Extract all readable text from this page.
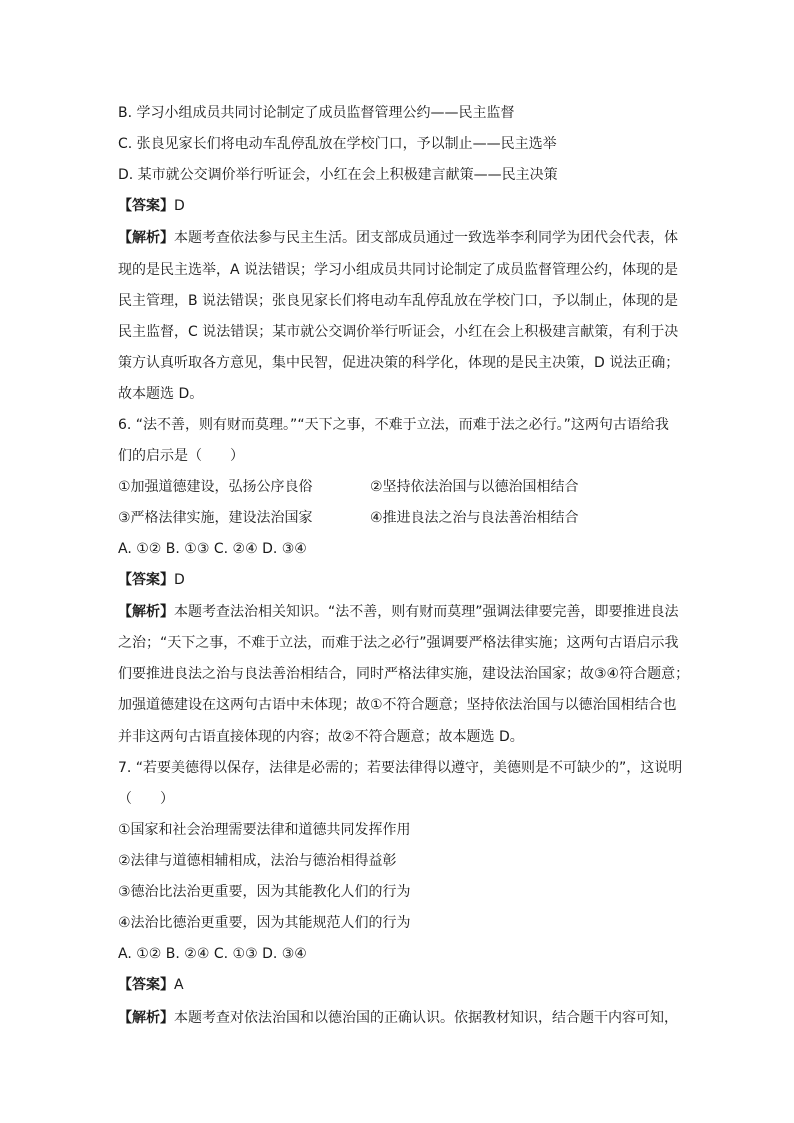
B. 学习小组成员共同讨论制定了成员监督管理公约——民主监督
C. 张良见家长们将电动车乱停乱放在学校门口，予以制止——民主选举
D. 某市就公交调价举行听证会，小红在会上积极建言献策——民主决策
【答案】D
【解析】本题考查依法参与民主生活。团支部成员通过一致选举李利同学为团代会代表，体
现的是民主选举，A 说法错误；学习小组成员共同讨论制定了成员监督管理公约，体现的是
民主管理，B 说法错误；张良见家长们将电动车乱停乱放在学校门口，予以制止，体现的是
民主监督，C 说法错误；某市就公交调价举行听证会，小红在会上积极建言献策，有利于决
策方认真听取各方意见，集中民智，促进决策的科学化，体现的是民主决策，D 说法正确；
故本题选 D。
6. “法不善，则有财而莫理。”“天下之事，不难于立法，而难于法之必行。”这两句古语给我
们的启示是（　　）
①加强道德建设，弘扬公序良俗	②坚持依法治国与以德治国相结合
③严格法律实施，建设法治国家	④推进良法之治与良法善治相结合
A. ①② B. ①③ C. ②④ D. ③④
【答案】D
【解析】本题考查法治相关知识。“法不善，则有财而莫理”强调法律要完善，即要推进良法
之治；“天下之事，不难于立法，而难于法之必行”强调要严格法律实施；这两句古语启示我
们要推进良法之治与良法善治相结合，同时严格法律实施，建设法治国家；故③④符合题意；
加强道德建设在这两句古语中未体现；故①不符合题意；坚持依法治国与以德治国相结合也
并非这两句古语直接体现的内容；故②不符合题意；故本题选 D。
7. “若要美德得以保存，法律是必需的；若要法律得以遵守，美德则是不可缺少的”，这说明
（　　）
①国家和社会治理需要法律和道德共同发挥作用
②法律与道德相辅相成，法治与德治相得益彰
③德治比法治更重要，因为其能教化人们的行为
④法治比德治更重要，因为其能规范人们的行为
A. ①② B. ②④ C. ①③ D. ③④
【答案】A
【解析】本题考查对依法治国和以德治国的正确认识。依据教材知识，结合题干内容可知，
